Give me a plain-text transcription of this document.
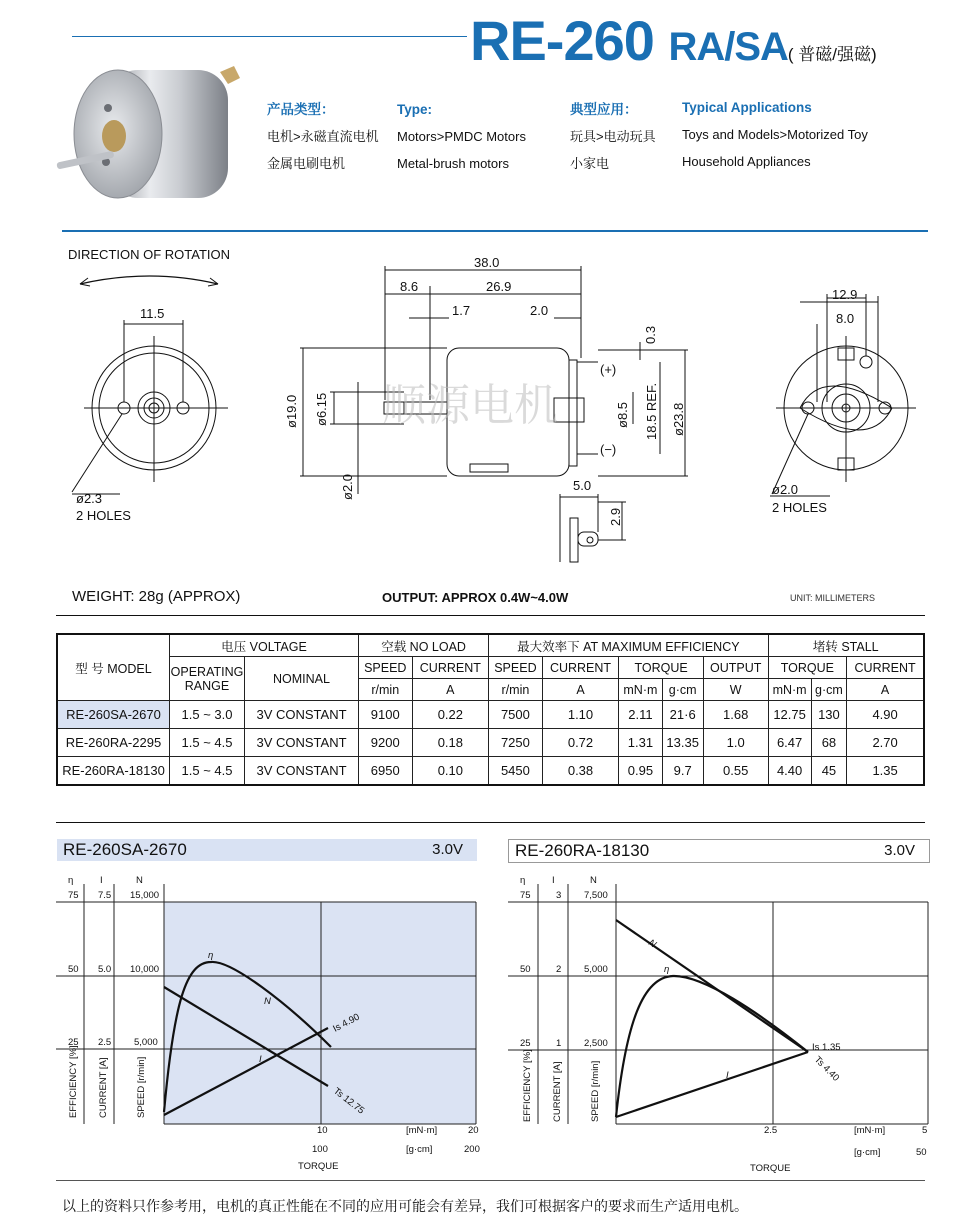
RE-260 RA/SA( 普磁/强磁)
产品类型：
电机>永磁直流电机
金属电刷电机
Type:
Motors>PMDC Motors
Metal-brush motors
典型应用：
玩具>电动玩具
小家电
Typical Applications
Toys and Models>Motorized Toy
Household Appliances
DIRECTION OF ROTATION
11.5
ø2.3
2 HOLES
38.0
8.6	26.9
1.7	2.0
0.3
(+)
(−)
ø8.5 18.5 REF. ø23.8
ø19.0 ø6.15
ø2.0	5.0
2.9
12.9
8.0
ø2.0
2 HOLES
顺源电机
WEIGHT: 28g (APPROX)	OUTPUT: APPROX 0.4W~4.0W	UNIT: MILLIMETERS
型 号 MODEL	电压 VOLTAGE		空载 NO LOAD		最大效率下 AT MAXIMUM EFFICIENCY					堵转 STALL		
	OPERATING
RANGE	NOMINAL	SPEED	CURRENT	SPEED	CURRENT	TORQUE		OUTPUT	TORQUE		CURRENT
			r/min	A	r/min	A	mN·m	g·cm	W	mN·m	g·cm	A
RE-260SA-2670	1.5 ~ 3.0	3V CONSTANT	9100	0.22	7500	1.10	2.11	21·6	1.68	12.75	130	4.90
RE-260RA-2295	1.5 ~ 4.5	3V CONSTANT	9200	0.18	7250	0.72	1.31	13.35	1.0	6.47	68	2.70
RE-260RA-18130	1.5 ~ 4.5	3V CONSTANT	6950	0.10	5450	0.38	0.95	9.7	0.55	4.40	45	1.35
RE-260SA-2670	3.0V	RE-260RA-18130	3.0V
η	I	N
75 7.5 15,000
50 5.0 10,000
25 2.5 5,000
EFFICIENCY [%] CURRENT [A]	SPEED [r/min]
10	20
[mN·m]
100	200
[g·cm]
TORQUE
η
N
I
Is 4.90
Ts 12.75
η	I	N
75	3 7,500
50	2 5,000
25	1 2,500
EFFICIENCY [%] CURRENT [A]	SPEED [r/min]
2.5	5
[mN·m]
50
[g·cm]
TORQUE
η
N
I
Is 1.35
Ts 4.40
以上的资料只作参考用，电机的真正性能在不同的应用可能会有差异，我们可根据客户的要求而生产适用电机。
